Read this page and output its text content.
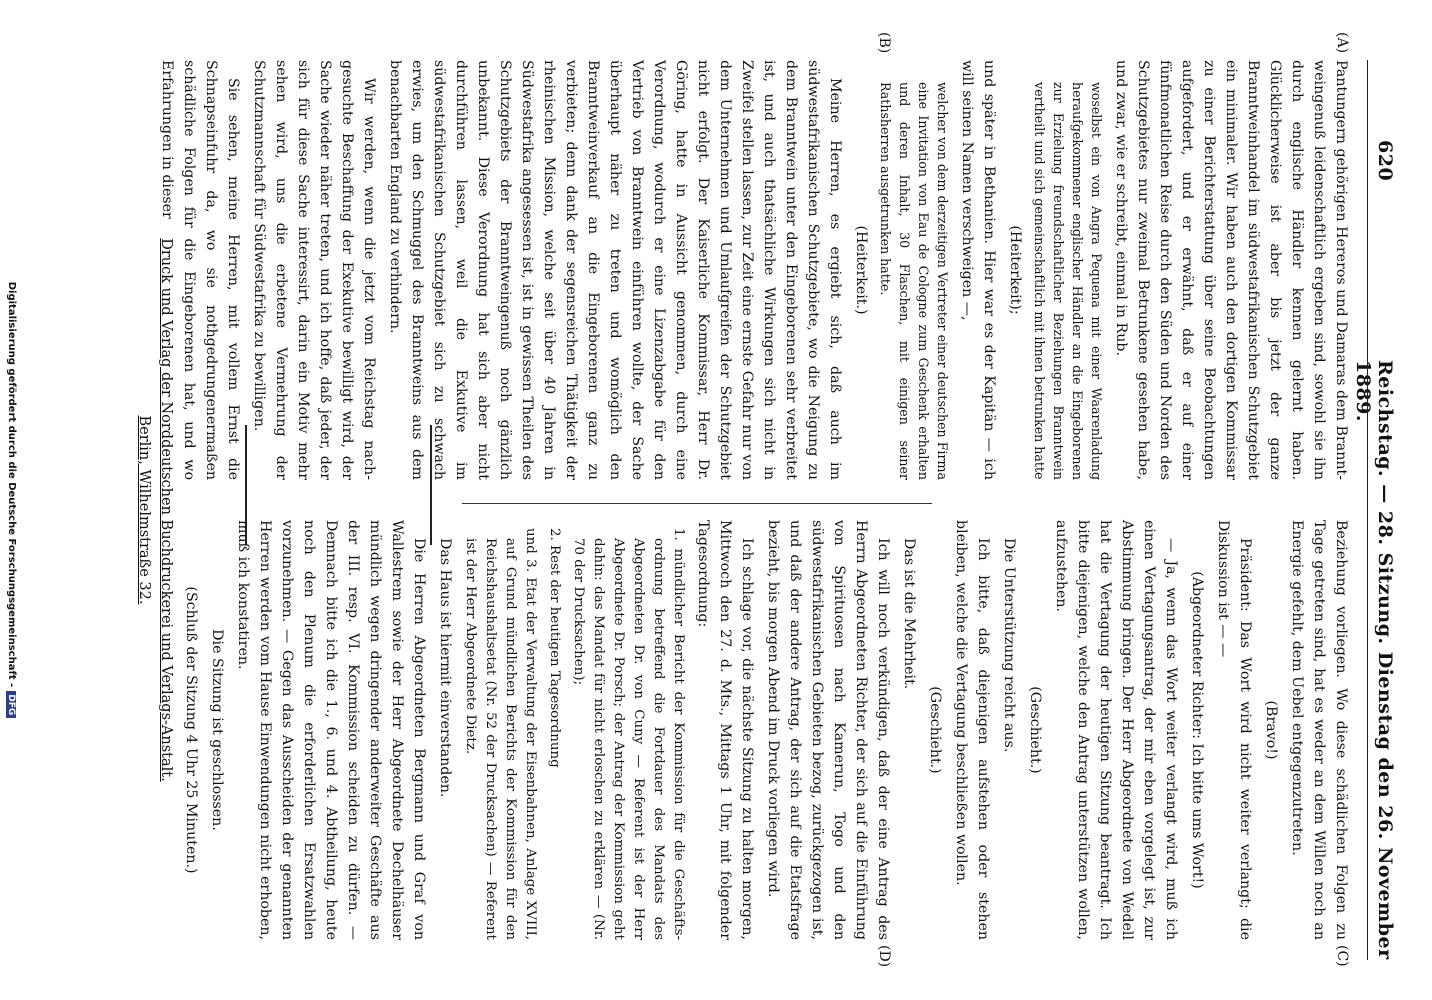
620
Reichstag. — 28. Sitzung. Dienstag den 26. November 1889.
(A)
(B)
(C)
(D)

Pantungern gehörigen Hereros und Damaras dem Branntweingenuß leidenschaftlich ergeben sind, sowohl sie ihn durch englische Händler kennen gelernt haben. Glücklicherweise ist aber bis jetzt der ganze Branntweinhandel im südwestafrikanischen Schutzgebiet ein minimaler. Wir haben auch den dortigen Kommissar zu einer Berichterstattung über seine Beobachtungen aufgefordert, und er erwähnt, daß er auf einer fünfmonatlichen Reise durch den Süden und Norden des Schutzgebietes nur zweimal Betrunkene gesehen habe, und zwar, wie er schreibt, einmal in Rub.

woselbst ein von Angra Pequena mit einer Waarenladung heraufgekommener englischer Händler an die Eingeborenen zur Erzielung freundschaftlicher Beziehungen Branntwein vertheilt und sich gemeinschaftlich mit ihnen betrunken hatte

(Heiterkeit);

und später in Bethanien. Hier war es der Kapitän — ich will seinen Namen verschweigen —,

welcher von dem derzeitigen Vertreter einer deutschen Firma eine Invitation von Eau de Cologne zum Geschenk erhalten und deren Inhalt, 30 Flaschen, mit einigen seiner Rathsherren ausgetrunken hatte.

(Heiterkeit.)

Meine Herren, es ergiebt sich, daß auch im südwestafrikanischen Schutzgebiete, wo die Neigung zu dem Branntwein unter den Eingeborenen sehr verbreitet ist, und auch thatsächliche Wirkungen sich nicht in Zweifel stellen lassen, zur Zeit eine ernste Gefahr nur von dem Unternehmen und Umlaufgreifen der Schutzgebiet nicht erfolgt. Der Kaiserliche Kommissar, Herr Dr. Göring, hatte in Aussicht genommen, durch eine Verordnung, wodurch er eine Lizenzabgabe für den Vertrieb von Branntwein einführen wollte, der Sache überhaupt näher zu treten und womöglich den Branntweinverkauf an die Eingeborenen ganz zu verbieten; denn dank der segensreichen Thätigkeit der rheinischen Mission, welche seit über 40 Jahren in Südwestafrika angesessen ist, ist in gewissen Theilen des Schutzgebiets der Branntweingenuß noch gänzlich unbekannt. Diese Verordnung hat sich aber nicht durchführen lassen, weil die Exkutive im südwestafrikanischen Schutzgebiet sich zu schwach erwies, um den Schmuggel des Branntweins aus dem benachbarten England zu verhindern.

Wir werden, wenn die jetzt vom Reichstag nachgesuchte Beschaffung der Exekutive bewilligt wird, der Sache wieder näher treten, und ich hoffe, daß jeder, der sich für diese Sache interessirt, darin ein Motiv mehr sehen wird, uns die erbetene Vermehrung der Schutzmannschaft für Südwestafrika zu bewilligen.

Sie sehen, meine Herren, mit vollem Ernst die Schnapseinfuhr da, wo sie nothgedrungenermaßen schädliche Folgen für die Eingeborenen hat, und wo Erfahrungen in dieser

Beziehung vorliegen. Wo diese schädlichen Folgen zu Tage getreten sind, hat es weder an dem Willen noch an Energie gefehlt, dem Uebel entgegenzutreten.

(Bravo!)

Präsident: Das Wort wird nicht weiter verlangt; die Diskussion ist — —

(Abgeordneter Richter: Ich bitte ums Wort!)

— Ja, wenn das Wort weiter verlangt wird, muß ich einen Vertagungsantrag, der mir eben vorgelegt ist, zur Abstimmung bringen. Der Herr Abgeordnete von Wedell hat die Vertagung der heutigen Sitzung beantragt. Ich bitte diejenigen, welche den Antrag unterstützen wollen, aufzustehen.

(Geschieht.)

Die Unterstützung reicht aus.

Ich bitte, daß diejenigen aufstehen oder stehen bleiben, welche die Vertagung beschließen wollen.

(Geschieht.)

Das ist die Mehrheit.

Ich will noch verkündigen, daß der eine Antrag des Herrn Abgeordneten Richter, der sich auf die Einführung von Spirituosen nach Kamerun, Togo und den südwestafrikanischen Gebieten bezog, zurückgezogen ist, und daß der andere Antrag, der sich auf die Etatsfrage bezieht, bis morgen Abend im Druck vorliegen wird.

Ich schlage vor, die nächste Sitzung zu halten morgen, Mittwoch den 27. d. Mts., Mittags 1 Uhr, mit folgender Tagesordnung:

1. mündlicher Bericht der Kommission für die Geschäftsordnung betreffend die Fortdauer des Mandats des Abgeordneten Dr. von Cuny — Referent ist der Herr Abgeordnete Dr. Porsch; der Antrag der Kommission geht dahin: das Mandat für nicht erloschen zu erklären — (Nr. 70 der Drucksachen);

2. Rest der heutigen Tagesordnung

und 3. Etat der Verwaltung der Eisenbahnen, Anlage XVIII, auf Grund mündlichen Berichts der Kommission für den Reichshaushaltsetat (Nr. 52 der Drucksachen) — Referent ist der Herr Abgeordnete Dietz.

Das Haus ist hiermit einverstanden.

Die Herren Abgeordneten Bergmann und Graf von Wallestrem sowie der Herr Abgeordnete Dechelhäuser mündlich wegen dringender anderweiter Geschäfte aus der III. resp. VI. Kommission scheiden zu dürfen. — Demnach bitte ich die 1., 6. und 4. Abtheilung, heute noch den Plenum die erforderlichen Ersatzwahlen vorzunehmen. — Gegen das Ausscheiden der genannten Herren werden vom Hause Einwendungen nicht erhoben, muß ich konstatiren.

Die Sitzung ist geschlossen.

(Schluß der Sitzung 4 Uhr 25 Minuten.)

Druck und Verlag der Norddeutschen Buchdruckerei und Verlags-Anstalt.
Berlin, Wilhelmstraße 32.
Digitalisierung gefördert durch die Deutsche Forschungsgemeinschaft -DFG
